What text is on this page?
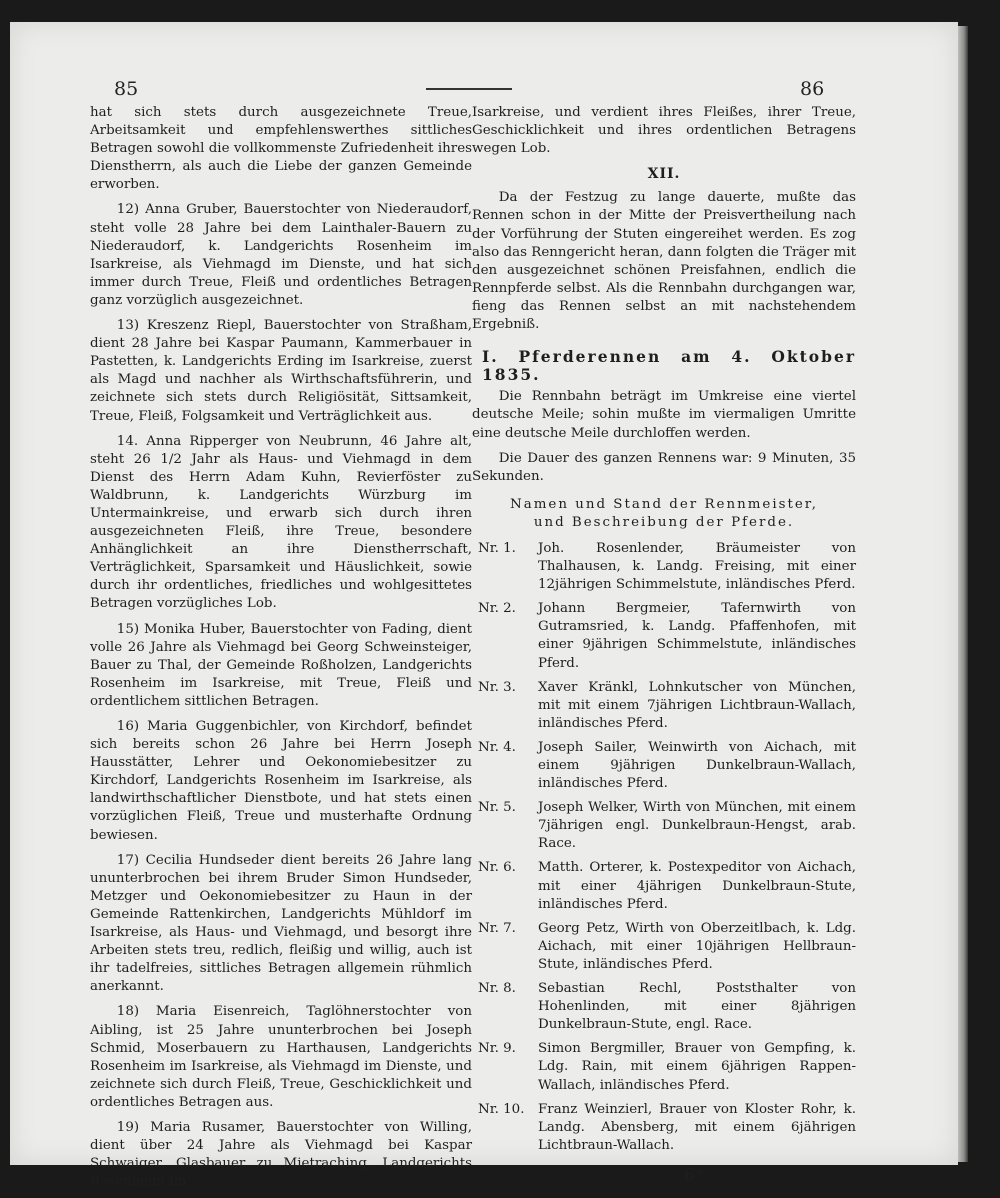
85	86

hat sich stets durch ausgezeichnete Treue, Arbeitsamkeit und empfehlenswerthes sittliches Betragen sowohl die vollkommenste Zufriedenheit ihres Dienstherrn, als auch die Liebe der ganzen Gemeinde erworben.

12) Anna Gruber, Bauerstochter von Niederaudorf, steht volle 28 Jahre bei dem Lainthaler-Bauern zu Niederaudorf, k. Landgerichts Rosenheim im Isarkreise, als Viehmagd im Dienste, und hat sich immer durch Treue, Fleiß und ordentliches Betragen ganz vorzüglich ausgezeichnet.

13) Kreszenz Riepl, Bauerstochter von Straßham, dient 28 Jahre bei Kaspar Paumann, Kammerbauer in Pastetten, k. Landgerichts Erding im Isarkreise, zuerst als Magd und nachher als Wirthschaftsführerin, und zeichnete sich stets durch Religiösität, Sittsamkeit, Treue, Fleiß, Folgsamkeit und Verträglichkeit aus.

14. Anna Ripperger von Neubrunn, 46 Jahre alt, steht 26 1/2 Jahr als Haus- und Viehmagd in dem Dienst des Herrn Adam Kuhn, Revierföster zu Waldbrunn, k. Landgerichts Würzburg im Untermainkreise, und erwarb sich durch ihren ausgezeichneten Fleiß, ihre Treue, besondere Anhänglichkeit an ihre Dienstherrschaft, Verträglichkeit, Sparsamkeit und Häuslichkeit, sowie durch ihr ordentliches, friedliches und wohlgesittetes Betragen vorzügliches Lob.

15) Monika Huber, Bauerstochter von Fading, dient volle 26 Jahre als Viehmagd bei Georg Schweinsteiger, Bauer zu Thal, der Gemeinde Roßholzen, Landgerichts Rosenheim im Isarkreise, mit Treue, Fleiß und ordentlichem sittlichen Betragen.

16) Maria Guggenbichler, von Kirchdorf, befindet sich bereits schon 26 Jahre bei Herrn Joseph Hausstätter, Lehrer und Oekonomiebesitzer zu Kirchdorf, Landgerichts Rosenheim im Isarkreise, als landwirthschaftlicher Dienstbote, und hat stets einen vorzüglichen Fleiß, Treue und musterhafte Ordnung bewiesen.

17) Cecilia Hundseder dient bereits 26 Jahre lang ununterbrochen bei ihrem Bruder Simon Hundseder, Metzger und Oekonomiebesitzer zu Haun in der Gemeinde Rattenkirchen, Landgerichts Mühldorf im Isarkreise, als Haus- und Viehmagd, und besorgt ihre Arbeiten stets treu, redlich, fleißig und willig, auch ist ihr tadelfreies, sittliches Betragen allgemein rühmlich anerkannt.

18) Maria Eisenreich, Taglöhnerstochter von Aibling, ist 25 Jahre ununterbrochen bei Joseph Schmid, Moserbauern zu Harthausen, Landgerichts Rosenheim im Isarkreise, als Viehmagd im Dienste, und zeichnete sich durch Fleiß, Treue, Geschicklichkeit und ordentliches Betragen aus.

19) Maria Rusamer, Bauerstochter von Willing, dient über 24 Jahre als Viehmagd bei Kaspar Schwaiger, Glasbauer zu Mietraching, Landgerichts Rosenheim im

Isarkreise, und verdient ihres Fleißes, ihrer Treue, Geschicklichkeit und ihres ordentlichen Betragens wegen Lob.

XII.

Da der Festzug zu lange dauerte, mußte das Rennen schon in der Mitte der Preisvertheilung nach der Vorführung der Stuten eingereihet werden. Es zog also das Renngericht heran, dann folgten die Träger mit den ausgezeichnet schönen Preisfahnen, endlich die Rennpferde selbst. Als die Rennbahn durchgangen war, fieng das Rennen selbst an mit nachstehendem Ergebniß.

I. Pferderennen am 4. Oktober 1835.

Die Rennbahn beträgt im Umkreise eine viertel deutsche Meile; sohin mußte im viermaligen Umritte eine deutsche Meile durchloffen werden.

Die Dauer des ganzen Rennens war: 9 Minuten, 35 Sekunden.

Namen und Stand der Rennmeister,
und Beschreibung der Pferde.
Nr. 1.	Joh. Rosenlender, Bräumeister von Thalhausen, k. Landg. Freising, mit einer 12jährigen Schimmelstute, inländisches Pferd.
Nr. 2.	Johann Bergmeier, Tafernwirth von Gutramsried, k. Landg. Pfaffenhofen, mit einer 9jährigen Schimmelstute, inländisches Pferd.
Nr. 3.	Xaver Kränkl, Lohnkutscher von München, mit mit einem 7jährigen Lichtbraun-Wallach, inländisches Pferd.
Nr. 4.	Joseph Sailer, Weinwirth von Aichach, mit einem 9jährigen Dunkelbraun-Wallach, inländisches Pferd.
Nr. 5.	Joseph Welker, Wirth von München, mit einem 7jährigen engl. Dunkelbraun-Hengst, arab. Race.
Nr. 6.	Matth. Orterer, k. Postexpeditor von Aichach, mit einer 4jährigen Dunkelbraun-Stute, inländisches Pferd.
Nr. 7.	Georg Petz, Wirth von Oberzeitlbach, k. Ldg. Aichach, mit einer 10jährigen Hellbraun-Stute, inländisches Pferd.
Nr. 8.	Sebastian Rechl, Poststhalter von Hohenlinden, mit einer 8jährigen Dunkelbraun-Stute, engl. Race.
Nr. 9.	Simon Bergmiller, Brauer von Gempfing, k. Ldg. Rain, mit einem 6jährigen Rappen-Wallach, inländisches Pferd.
Nr. 10.	Franz Weinzierl, Brauer von Kloster Rohr, k. Landg. Abensberg, mit einem 6jährigen Lichtbraun-Wallach.
6*
